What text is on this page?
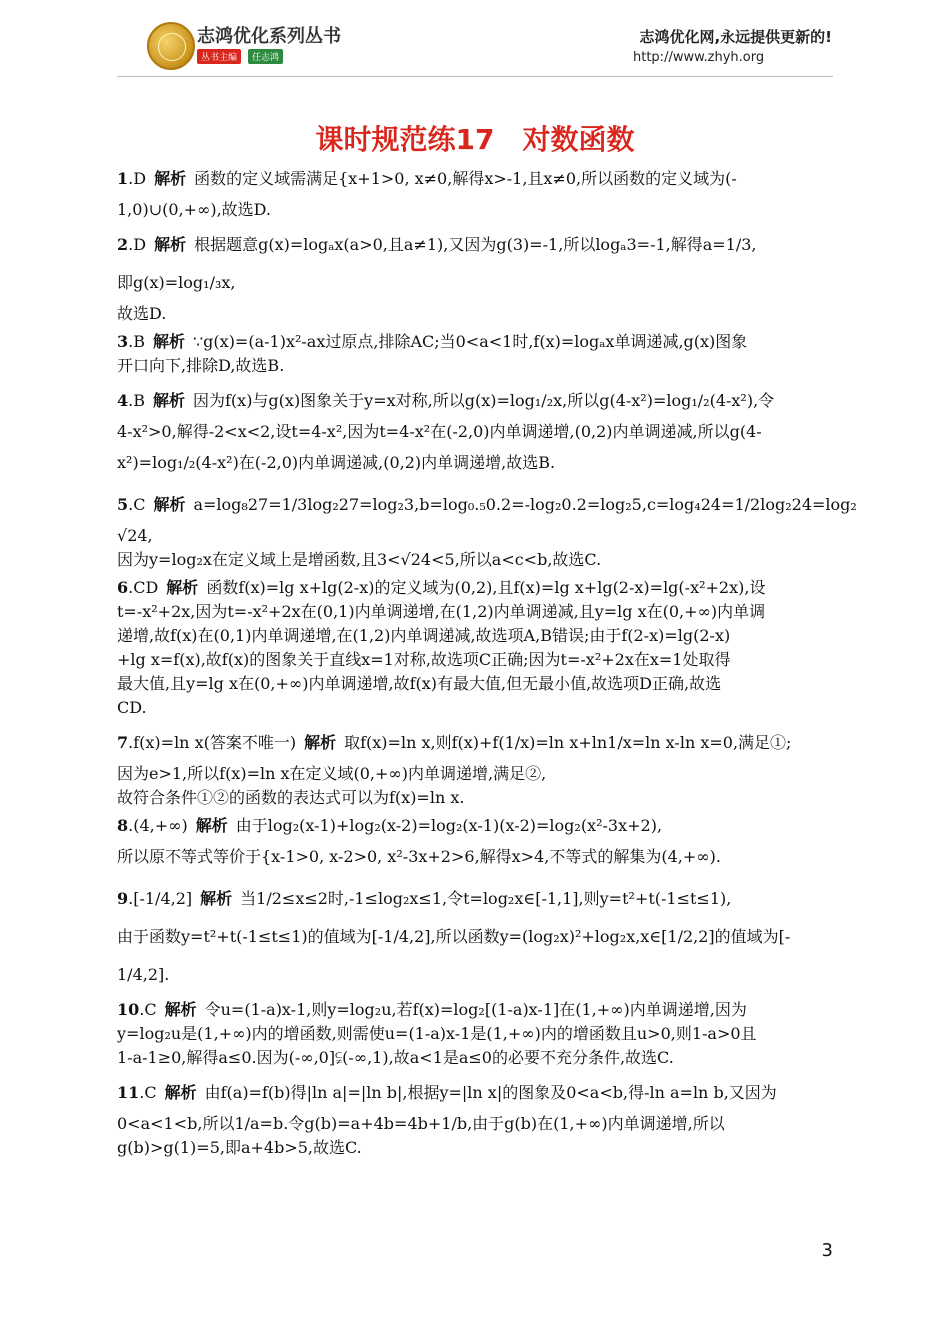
志鸿优化系列丛书
丛书主编	任志鸿
志鸿优化网,永远提供更新的!
http://www.zhyh.org
课时规范练17　对数函数
1.D 解析 函数的定义域需满足{x+1>0, x≠0,解得x>-1,且x≠0,所以函数的定义域为(-
1,0)∪(0,+∞),故选D.
2.D 解析 根据题意g(x)=logₐx(a>0,且a≠1),又因为g(3)=-1,所以logₐ3=-1,解得a=1/3,
即g(x)=log₁/₃x,
故选D.
3.B 解析 ∵g(x)=(a-1)x²-ax过原点,排除AC;当0<a<1时,f(x)=logₐx单调递减,g(x)图象
开口向下,排除D,故选B.
4.B 解析 因为f(x)与g(x)图象关于y=x对称,所以g(x)=log₁/₂x,所以g(4-x²)=log₁/₂(4-x²),令
4-x²>0,解得-2<x<2,设t=4-x²,因为t=4-x²在(-2,0)内单调递增,(0,2)内单调递减,所以g(4-
x²)=log₁/₂(4-x²)在(-2,0)内单调递减,(0,2)内单调递增,故选B.
5.C 解析 a=log₈27=1/3log₂27=log₂3,b=log₀.₅0.2=-log₂0.2=log₂5,c=log₄24=1/2log₂24=log₂
√24,
因为y=log₂x在定义域上是增函数,且3<√24<5,所以a<c<b,故选C.
6.CD 解析 函数f(x)=lg x+lg(2-x)的定义域为(0,2),且f(x)=lg x+lg(2-x)=lg(-x²+2x),设
t=-x²+2x,因为t=-x²+2x在(0,1)内单调递增,在(1,2)内单调递减,且y=lg x在(0,+∞)内单调
递增,故f(x)在(0,1)内单调递增,在(1,2)内单调递减,故选项A,B错误;由于f(2-x)=lg(2-x)
+lg x=f(x),故f(x)的图象关于直线x=1对称,故选项C正确;因为t=-x²+2x在x=1处取得
最大值,且y=lg x在(0,+∞)内单调递增,故f(x)有最大值,但无最小值,故选项D正确,故选
CD.
7.f(x)=ln x(答案不唯一) 解析 取f(x)=ln x,则f(x)+f(1/x)=ln x+ln1/x=ln x-ln x=0,满足①;
因为e>1,所以f(x)=ln x在定义域(0,+∞)内单调递增,满足②,
故符合条件①②的函数的表达式可以为f(x)=ln x.
8.(4,+∞) 解析 由于log₂(x-1)+log₂(x-2)=log₂(x-1)(x-2)=log₂(x²-3x+2),
所以原不等式等价于{x-1>0, x-2>0, x²-3x+2>6,解得x>4,不等式的解集为(4,+∞).
9.[-1/4,2] 解析 当1/2≤x≤2时,-1≤log₂x≤1,令t=log₂x∈[-1,1],则y=t²+t(-1≤t≤1),
由于函数y=t²+t(-1≤t≤1)的值域为[-1/4,2],所以函数y=(log₂x)²+log₂x,x∈[1/2,2]的值域为[-
1/4,2].
10.C 解析 令u=(1-a)x-1,则y=log₂u,若f(x)=log₂[(1-a)x-1]在(1,+∞)内单调递增,因为
y=log₂u是(1,+∞)内的增函数,则需使u=(1-a)x-1是(1,+∞)内的增函数且u>0,则1-a>0且
1-a-1≥0,解得a≤0.因为(-∞,0]⫋(-∞,1),故a<1是a≤0的必要不充分条件,故选C.
11.C 解析 由f(a)=f(b)得|ln a|=|ln b|,根据y=|ln x|的图象及0<a<b,得-ln a=ln b,又因为
0<a<1<b,所以1/a=b.令g(b)=a+4b=4b+1/b,由于g(b)在(1,+∞)内单调递增,所以
g(b)>g(1)=5,即a+4b>5,故选C.
3
